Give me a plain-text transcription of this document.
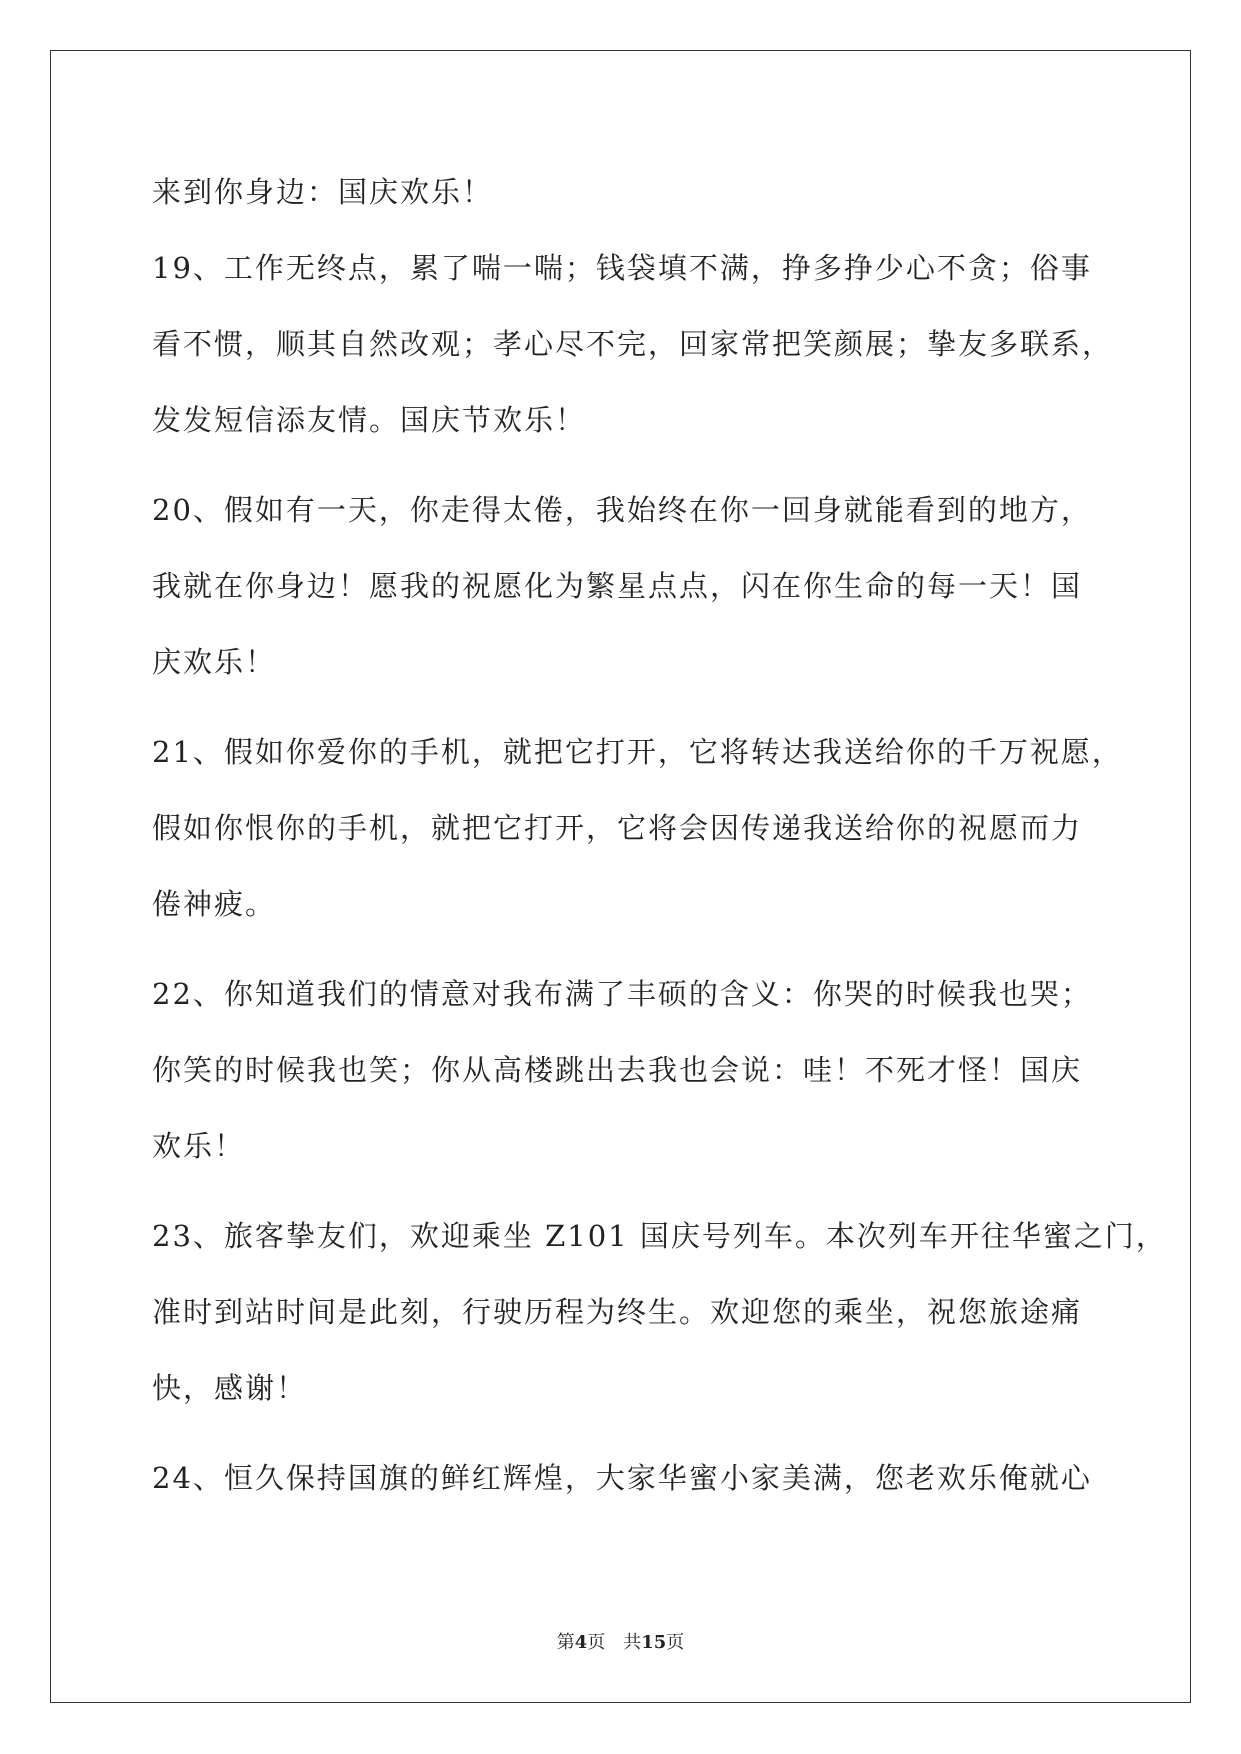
来到你身边：国庆欢乐！
19、工作无终点，累了喘一喘；钱袋填不满，挣多挣少心不贪；俗事
看不惯，顺其自然改观；孝心尽不完，回家常把笑颜展；挚友多联系，
发发短信添友情。国庆节欢乐！
20、假如有一天，你走得太倦，我始终在你一回身就能看到的地方，
我就在你身边！愿我的祝愿化为繁星点点，闪在你生命的每一天！国
庆欢乐！
21、假如你爱你的手机，就把它打开，它将转达我送给你的千万祝愿，
假如你恨你的手机，就把它打开，它将会因传递我送给你的祝愿而力
倦神疲。
22、你知道我们的情意对我布满了丰硕的含义：你哭的时候我也哭；
你笑的时候我也笑；你从高楼跳出去我也会说：哇！不死才怪！国庆
欢乐！
23、旅客挚友们，欢迎乘坐 Z101 国庆号列车。本次列车开往华蜜之门，
准时到站时间是此刻，行驶历程为终生。欢迎您的乘坐，祝您旅途痛
快，感谢！
24、恒久保持国旗的鲜红辉煌，大家华蜜小家美满，您老欢乐俺就心
第4页　共15页
